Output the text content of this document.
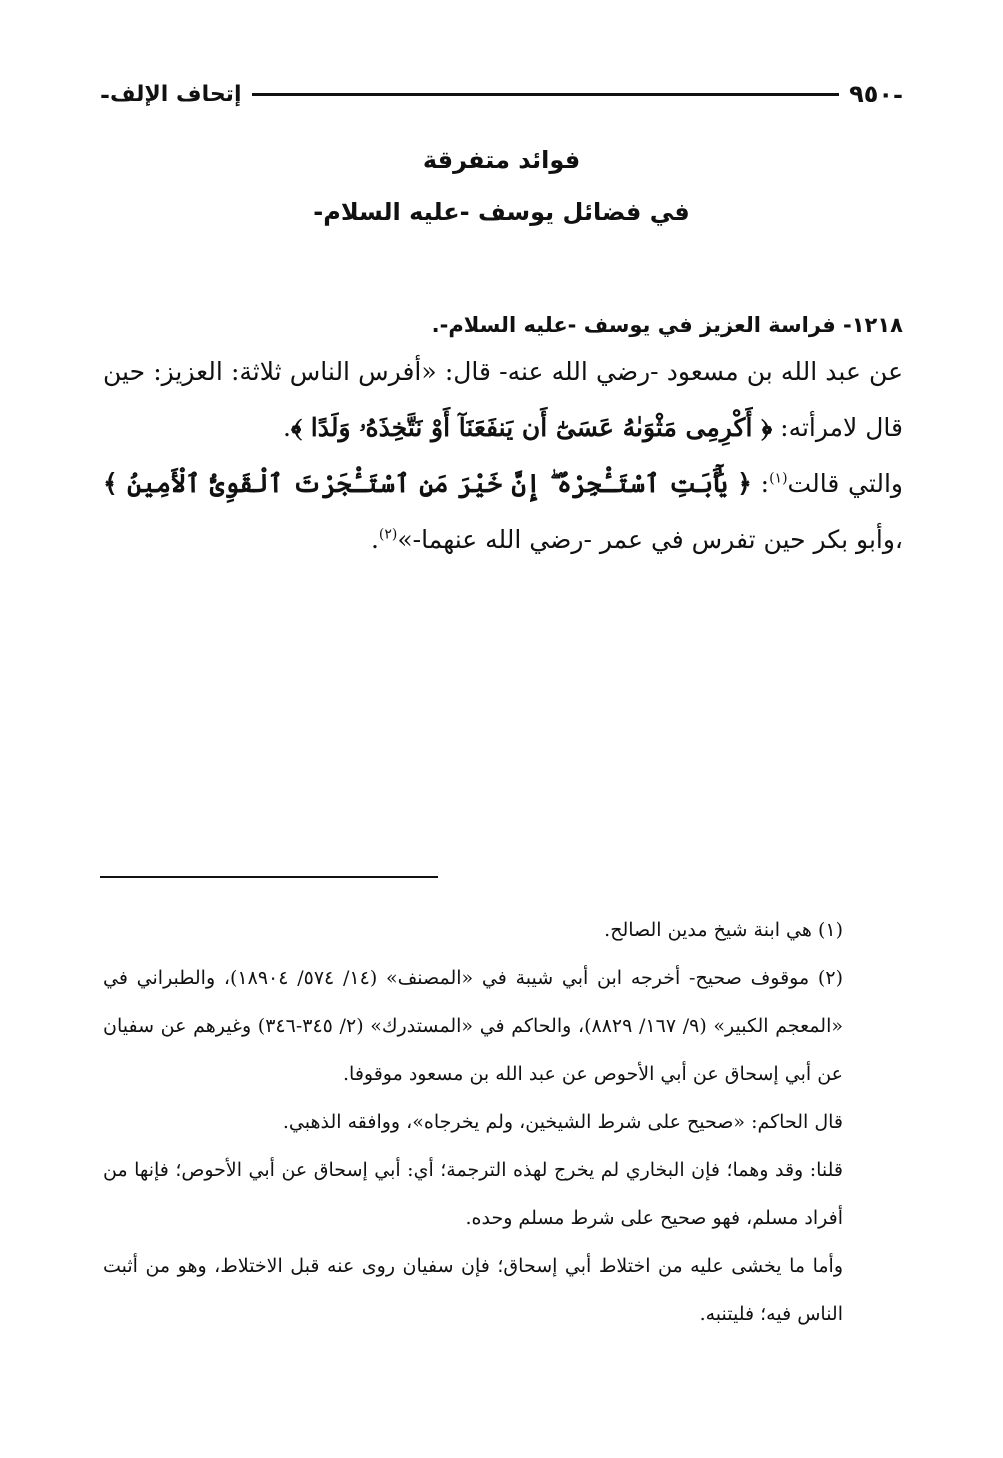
-
٩٥٠
إتحاف الإلف
-
فوائد متفرقة
في فضائل يوسف -عليه السلام-
١٢١٨- فراسة العزيز في يوسف -عليه السلام-.
عن عبد الله بن مسعود -رضي الله عنه- قال: «أفرس الناس ثلاثة: العزيز: حين قال لامرأته: ﴿ أَكْرِمِى مَثْوَىٰهُ عَسَىٰٓ أَن يَنفَعَنَآ أَوْ نَتَّخِذَهُۥ وَلَدًا ﴾.
والتي قالت$^{(١)}$: ﴿ يَٰٓأَبَتِ ٱسْتَـْٔجِرْهُ ۖ إِنَّ خَيْرَ مَنِ ٱسْتَـْٔجَرْتَ ٱلْقَوِىُّ ٱلْأَمِينُ ﴾ ،وأبو بكر حين تفرس في عمر -رضي الله عنهما-»$^{(٢)}$.

(١) هي ابنة شيخ مدين الصالح.

(٢) موقوف صحيح- أخرجه ابن أبي شيبة في «المصنف» (١٤/ ٥٧٤/ ١٨٩٠٤)، والطبراني في «المعجم الكبير» (٩/ ١٦٧/ ٨٨٢٩)، والحاكم في «المستدرك» (٢/ ٣٤٥-٣٤٦) وغيرهم عن سفيان عن أبي إسحاق عن أبي الأحوص عن عبد الله بن مسعود موقوفا.

قال الحاكم: «صحيح على شرط الشيخين، ولم يخرجاه»، ووافقه الذهبي.

قلنا: وقد وهما؛ فإن البخاري لم يخرج لهذه الترجمة؛ أي: أبي إسحاق عن أبي الأحوص؛ فإنها من أفراد مسلم، فهو صحيح على شرط مسلم وحده.

وأما ما يخشى عليه من اختلاط أبي إسحاق؛ فإن سفيان روى عنه قبل الاختلاط، وهو من أثبت الناس فيه؛ فليتنبه.
